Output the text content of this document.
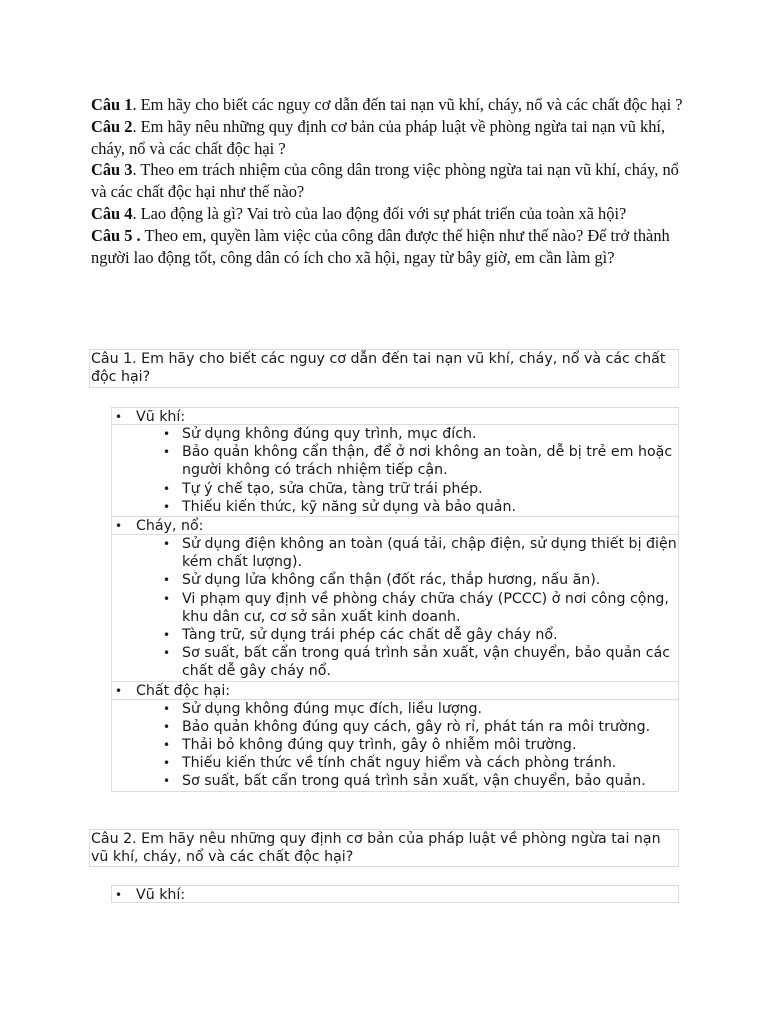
Câu 1. Em hãy cho biết các nguy cơ dẫn đến tai nạn vũ khí, cháy, nổ và các chất độc hại ?

Câu 2. Em hãy nêu những quy định cơ bản của pháp luật về phòng ngừa tai nạn vũ khí, cháy, nổ và các chất độc hại ?

Câu 3. Theo em trách nhiệm của công dân trong việc phòng ngừa tai nạn vũ khí, cháy, nổ và các chất độc hại như thế nào?

Câu 4. Lao động là gì? Vai trò của lao động đối với sự phát triển của toàn xã hội?

Câu 5 . Theo em, quyền làm việc của công dân được thể hiện như thế nào? Để trở thành người lao động tốt, công dân có ích cho xã hội, ngay từ bây giờ, em cần làm gì?

Câu 1. Em hãy cho biết các nguy cơ dẫn đến tai nạn vũ khí, cháy, nổ và các chất độc hại?
• Vũ khí:
• Sử dụng không đúng quy trình, mục đích.
• Bảo quản không cẩn thận, để ở nơi không an toàn, dễ bị trẻ em hoặc người không có trách nhiệm tiếp cận.
• Tự ý chế tạo, sửa chữa, tàng trữ trái phép.
• Thiếu kiến thức, kỹ năng sử dụng và bảo quản.
• Cháy, nổ:
• Sử dụng điện không an toàn (quá tải, chập điện, sử dụng thiết bị điện kém chất lượng).
• Sử dụng lửa không cẩn thận (đốt rác, thắp hương, nấu ăn).
• Vi phạm quy định về phòng cháy chữa cháy (PCCC) ở nơi công cộng, khu dân cư, cơ sở sản xuất kinh doanh.
• Tàng trữ, sử dụng trái phép các chất dễ gây cháy nổ.
• Sơ suất, bất cẩn trong quá trình sản xuất, vận chuyển, bảo quản các chất dễ gây cháy nổ.
• Chất độc hại:
• Sử dụng không đúng mục đích, liều lượng.
• Bảo quản không đúng quy cách, gây rò rỉ, phát tán ra môi trường.
• Thải bỏ không đúng quy trình, gây ô nhiễm môi trường.
• Thiếu kiến thức về tính chất nguy hiểm và cách phòng tránh.
• Sơ suất, bất cẩn trong quá trình sản xuất, vận chuyển, bảo quản.
Câu 2. Em hãy nêu những quy định cơ bản của pháp luật về phòng ngừa tai nạn vũ khí, cháy, nổ và các chất độc hại?
• Vũ khí:
